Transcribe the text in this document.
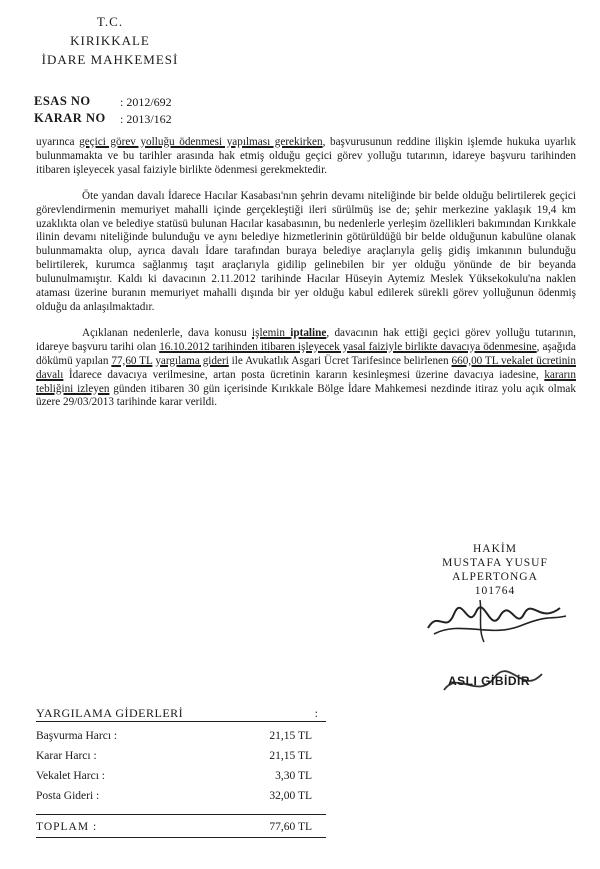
T.C.
KIRIKKALE
İDARE MAHKEMESİ
ESAS NO : 2012/692
KARAR NO : 2013/162

uyarınca geçici görev yolluğu ödenmesi yapılması gerekirken, başvurusunun reddine ilişkin işlemde hukuka uyarlık bulunmamakta ve bu tarihler arasında hak etmiş olduğu geçici görev yolluğu tutarının, idareye başvuru tarihinden itibaren işleyecek yasal faiziyle birlikte ödenmesi gerekmektedir.

Öte yandan davalı İdarece Hacılar Kasabası'nın şehrin devamı niteliğinde bir belde olduğu belirtilerek geçici görevlendirmenin memuriyet mahalli içinde gerçekleştiği ileri sürülmüş ise de; şehir merkezine yaklaşık 19,4 km uzaklıkta olan ve belediye statüsü bulunan Hacılar kasabasının, bu nedenlerle yerleşim özellikleri bakımından Kırıkkale ilinin devamı niteliğinde bulunduğu ve aynı belediye hizmetlerinin götürüldüğü bir belde olduğunun kabulüne olanak bulunmamakta olup, ayrıca davalı İdare tarafından buraya belediye araçlarıyla geliş gidiş imkanının bulunduğu belirtilerek, kurumca sağlanmış taşıt araçlarıyla gidilip gelinebilen bir yer olduğu yönünde de bir beyanda bulunulmamıştır. Kaldı ki davacının 2.11.2012 tarihinde Hacılar Hüseyin Aytemiz Meslek Yüksekokulu'na naklen ataması üzerine buranın memuriyet mahalli dışında bir yer olduğu kabul edilerek sürekli görev yolluğunun ödenmiş olduğu da anlaşılmaktadır.

Açıklanan nedenlerle, dava konusu işlemin iptaline, davacının hak ettiği geçici görev yolluğu tutarının, idareye başvuru tarihi olan 16.10.2012 tarihinden itibaren işleyecek yasal faiziyle birlikte davacıya ödenmesine, aşağıda dökümü yapılan 77,60 TL yargılama gideri ile Avukatlık Asgari Ücret Tarifesince belirlenen 660,00 TL vekalet ücretinin davalı İdarece davacıya verilmesine, artan posta ücretinin kararın kesinleşmesi üzerine davacıya iadesine, kararın tebliğini izleyen günden itibaren 30 gün içerisinde Kırıkkale Bölge İdare Mahkemesi nezdinde itiraz yolu açık olmak üzere 29/03/2013 tarihinde karar verildi.

HAKİM
MUSTAFA YUSUF
ALPERTONGA
101764
ASLI GİBİDİR
YARGILAMA GİDERLERİ	:
Başvurma Harcı :	21,15 TL
Karar Harcı :	21,15 TL
Vekalet Harcı :	3,30 TL
Posta Gideri :	32,00 TL
TOPLAM :	77,60 TL
